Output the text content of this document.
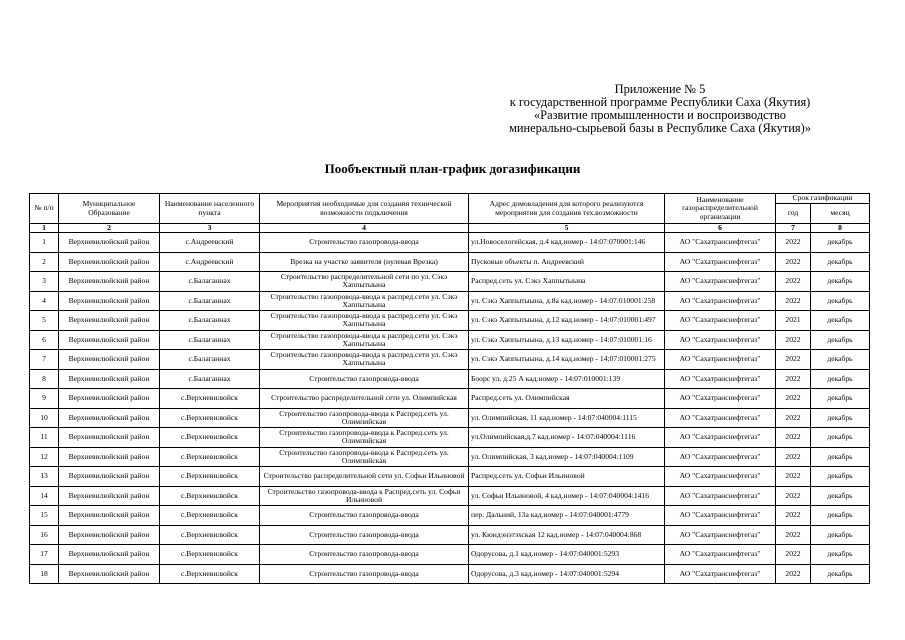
Приложение № 5
к государственной программе Республики Саха (Якутия)
«Развитие промышленности и воспроизводство
минерально-сырьевой базы в Республике Саха (Якутия)»
Пообъектный план-график догазификации
№ п/п	Муниципальное Образование	Наименование населенного пункта	Мероприятия необходимые для создания технической возможности подключения	Адрес домовладения для которого реализуются мероприятия для создания тех.возможности	Наименование газораспределительной организации	Срок газификации	
						год	месяц
1	2	3	4	5	6	7	8
1	Верхневилюйский район	с.Андреевский	Строительство газопровода-ввода	ул.Новоселогейская, д.4 кад.номер - 14:07:070001:146	АО "Сахатранснефтегаз"	2022	декабрь
2	Верхневилюйский район	с.Андреевский	Врезка на участке заявителя (нулевая Врезка)	Пусковые объекты п. Андреевский	АО "Сахатранснефтегаз"	2022	декабрь
3	Верхневилюйский район	с.Балаганнах	Строительство распределительной сети по ул. Сэкэ Хаппытыына	Распред.сеть ул. Сэкэ Хаппытыына	АО "Сахатранснефтегаз"	2022	декабрь
4	Верхневилюйский район	с.Балаганнах	Строительство газопровода-ввода к распред.сети ул. Сэкэ Хаппытыына	ул. Сэкэ Хаппытыына, д.8а кад.номер - 14:07:010001:258	АО "Сахатранснефтегаз"	2022	декабрь
5	Верхневилюйский район	с.Балаганнах	Строительство газопровода-ввода к распред.сети ул. Сэкэ Хаппытыына	ул. Сэкэ Хаппытыына, д.12 кад.номер - 14:07:010001:497	АО "Сахатранснефтегаз"	2021	декабрь
6	Верхневилюйский район	с.Балаганнах	Строительство газопровода-ввода к распред.сети ул. Сэкэ Хаппытыына	ул. Сэкэ Хаппытыына, д.13 кад.номер - 14:07:010001:16	АО "Сахатранснефтегаз"	2022	декабрь
7	Верхневилюйский район	с.Балаганнах	Строительство газопровода-ввода к распред.сети ул. Сэкэ Хаппытыына	ул. Сэкэ Хаппытыына, д.14 кад.номер - 14:07:010001:275	АО "Сахатранснефтегаз"	2022	декабрь
8	Верхневилюйский район	с.Балаганнах	Строительство газопровода-ввода	Боорс ул, д.25 А кад.номер - 14:07:010001:139	АО "Сахатранснефтегаз"	2022	декабрь
9	Верхневилюйский район	с.Верхневилюйск	Строительство распределительной сети ул. Олимпийская	Распред.сеть ул. Олимпийская	АО "Сахатранснефтегаз"	2022	декабрь
10	Верхневилюйский район	с.Верхневилюйск	Строительство газопровода-ввода к Распред.сеть ул. Олимпийская	ул. Олимпийская, 11 кад.номер - 14:07:040004:1115	АО "Сахатранснефтегаз"	2022	декабрь
11	Верхневилюйский район	с.Верхневилюйск	Строительство газопровода-ввода к Распред.сеть ул. Олимпийская	ул.Олимпийская,д.7 кад.номер - 14:07:040004:1116	АО "Сахатранснефтегаз"	2022	декабрь
12	Верхневилюйский район	с.Верхневилюйск	Строительство газопровода-ввода к Распред.сеть ул. Олимпийская	ул. Олимпийская, 3 кад.номер - 14:07:040004:1109	АО "Сахатранснефтегаз"	2022	декабрь
13	Верхневилюйский район	с.Верхневилюйск	Строительство распределительной сети ул. Софьи Ильиновой	Распред.сеть ул. Софьи Ильиновой	АО "Сахатранснефтегаз"	2022	декабрь
14	Верхневилюйский район	с.Верхневилюйск	Строительство газопровода-ввода к Распред.сеть ул. Софьи Ильиновой	ул. Софьи Ильиновой, 4 кад.номер - 14:07:040004:1416	АО "Сахатранснефтегаз"	2022	декабрь
15	Верхневилюйский район	с.Верхневилюйск	Строительство газопровода-ввода	пер. Дальний, 13а кад.номер - 14:07:040001:4779	АО "Сахатранснефтегаз"	2022	декабрь
16	Верхневилюйский район	с.Верхневилюйск	Строительство газопровода-ввода	ул. Кюндэнэтэхская 12 кад.номер - 14:07:040004:868	АО "Сахатранснефтегаз"	2022	декабрь
17	Верхневилюйский район	с.Верхневилюйск	Строительство газопровода-ввода	Одорусова, д.1 кад.номер - 14:07:040001:5293	АО "Сахатранснефтегаз"	2022	декабрь
18	Верхневилюйский район	с.Верхневилюйск	Строительство газопровода-ввода	Одорусова, д.3 кад.номер - 14:07:040001:5294	АО "Сахатранснефтегаз"	2022	декабрь
